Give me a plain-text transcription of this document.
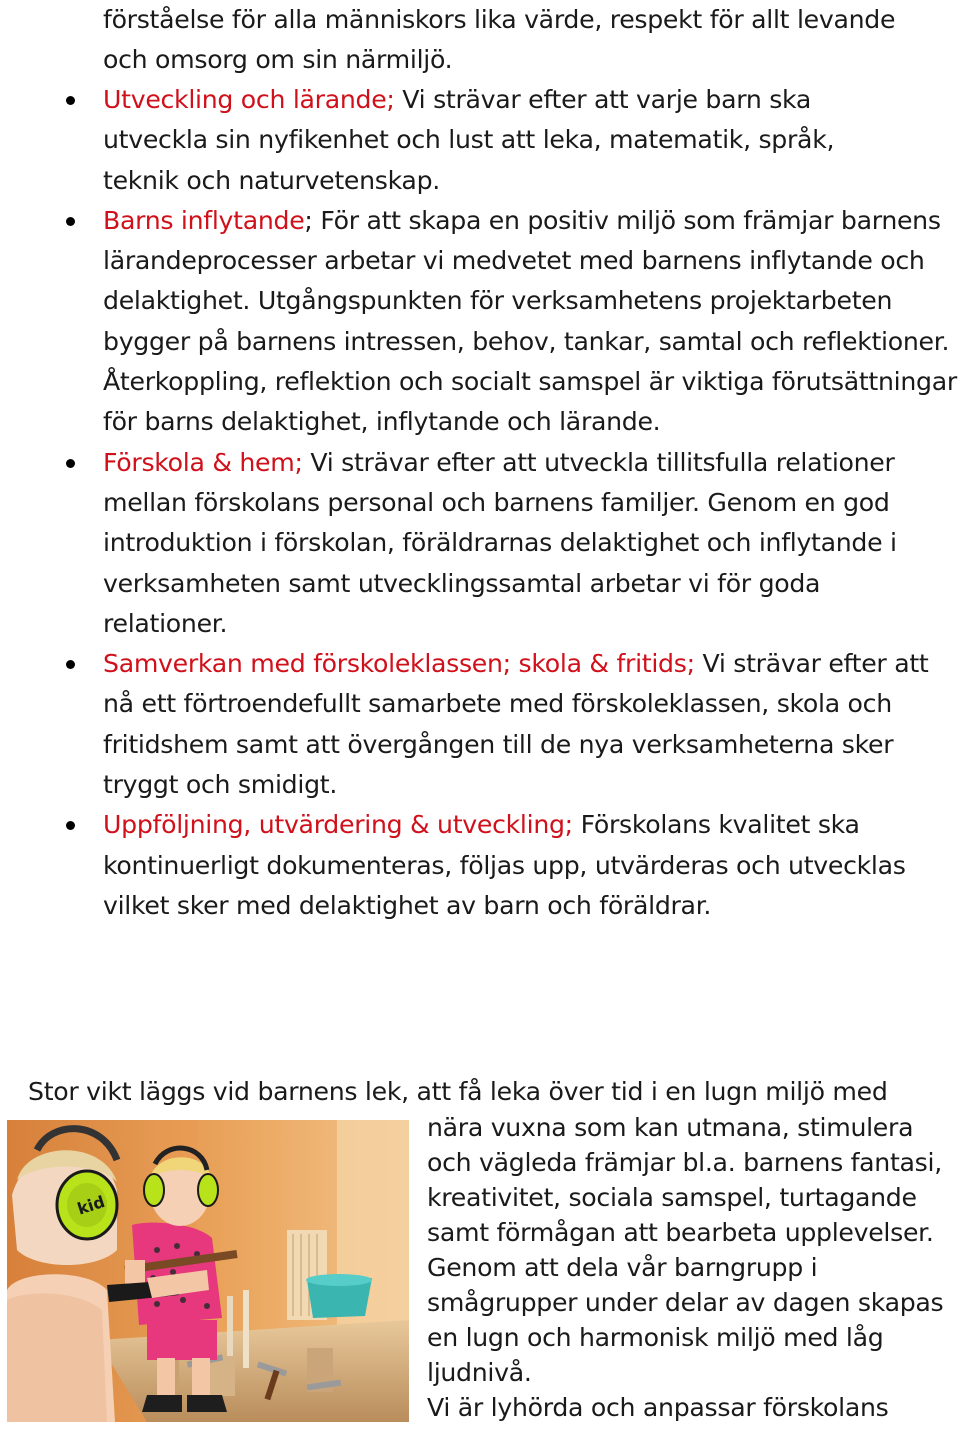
förståelse för alla människors lika värde, respekt för allt levande
och omsorg om sin närmiljö.
Utveckling och lärande; Vi strävar efter att varje barn ska utveckla sin nyfikenhet och lust att leka, matematik, språk, teknik och naturvetenskap.
Barns inflytande; För att skapa en positiv miljö som främjar barnens lärandeprocesser arbetar vi medvetet med barnens inflytande och delaktighet. Utgångspunkten för verksamhetens projektarbeten bygger på barnens intressen, behov, tankar, samtal och reflektioner. Återkoppling, reflektion och socialt samspel är viktiga förutsättningar för barns delaktighet, inflytande och lärande.
Förskola & hem; Vi strävar efter att utveckla tillitsfulla relationer mellan förskolans personal och barnens familjer. Genom en god introduktion i förskolan, föräldrarnas delaktighet och inflytande i verksamheten samt utvecklingssamtal arbetar vi för goda relationer.
Samverkan med förskoleklassen; skola & fritids; Vi strävar efter att nå ett förtroendefullt samarbete med förskoleklassen, skola och fritidshem samt att övergången till de nya verksamheterna sker tryggt och smidigt.
Uppföljning, utvärdering & utveckling; Förskolans kvalitet ska kontinuerligt dokumenteras, följas upp, utvärderas och utvecklas vilket sker med delaktighet av barn och föräldrar.
Stor vikt läggs vid barnens lek, att få leka över tid i en lugn miljö med
nära vuxna som kan utmana, stimulera
och vägleda främjar bl.a. barnens fantasi,
kreativitet, sociala samspel, turtagande
samt förmågan att bearbeta upplevelser.
Genom att dela vår barngrupp i
smågrupper under delar av dagen skapas
en lugn och harmonisk miljö med låg
ljudnivå.
Vi är lyhörda och anpassar förskolans
kid
